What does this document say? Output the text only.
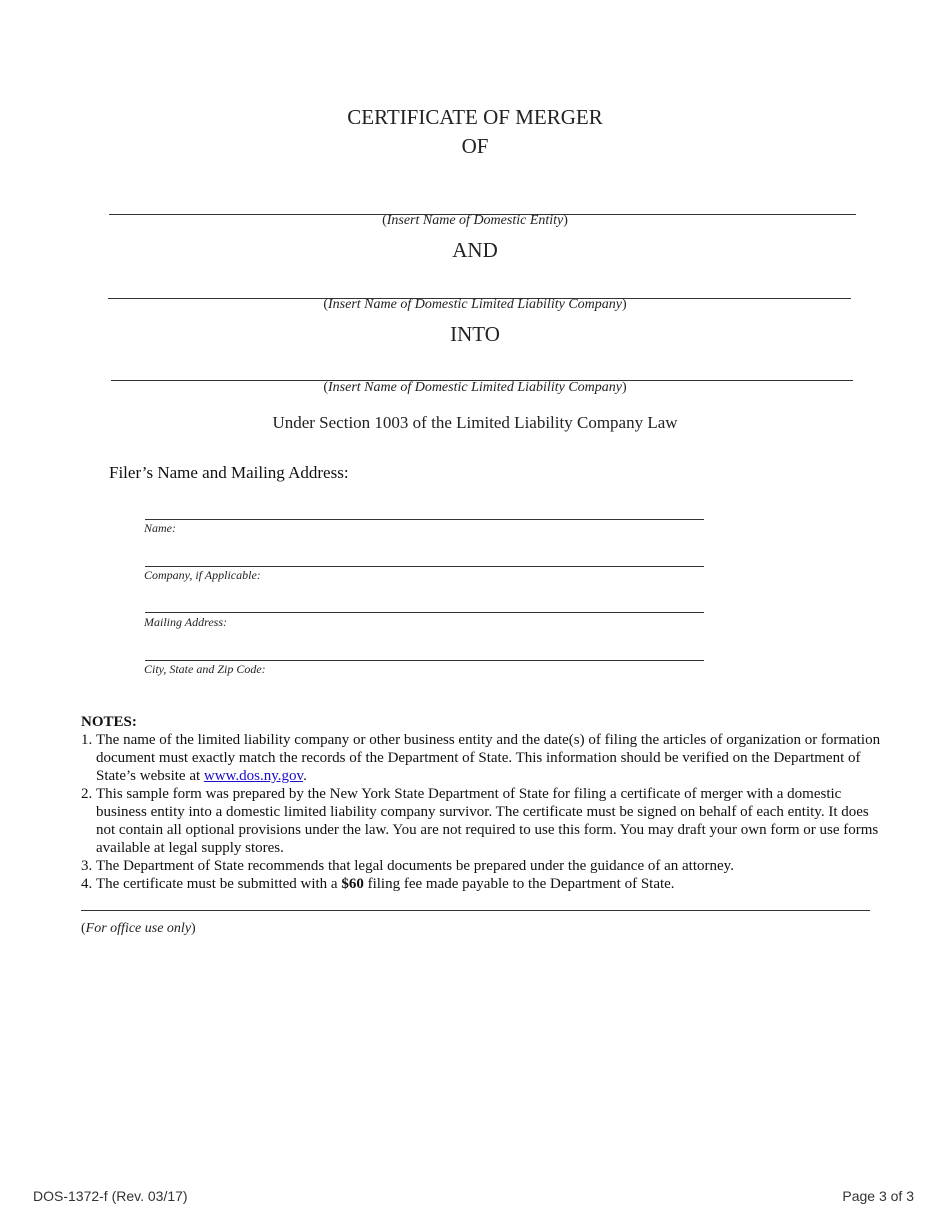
CERTIFICATE OF MERGER
OF
(Insert Name of Domestic Entity)
AND
(Insert Name of Domestic Limited Liability Company)
INTO
(Insert Name of Domestic Limited Liability Company)
Under Section 1003 of the Limited Liability Company Law
Filer’s Name and Mailing Address:
Name:
Company, if Applicable:
Mailing Address:
City, State and Zip Code:
NOTES:
1. The name of the limited liability company or other business entity and the date(s) of filing the articles of organization or formation document must exactly match the records of the Department of State. This information should be verified on the Department of State’s website at www.dos.ny.gov.
2. This sample form was prepared by the New York State Department of State for filing a certificate of merger with a domestic business entity into a domestic limited liability company survivor. The certificate must be signed on behalf of each entity. It does not contain all optional provisions under the law. You are not required to use this form. You may draft your own form or use forms available at legal supply stores.
3. The Department of State recommends that legal documents be prepared under the guidance of an attorney.
4. The certificate must be submitted with a $60 filing fee made payable to the Department of State.
(For office use only)
DOS-1372-f (Rev. 03/17)	Page 3 of 3
